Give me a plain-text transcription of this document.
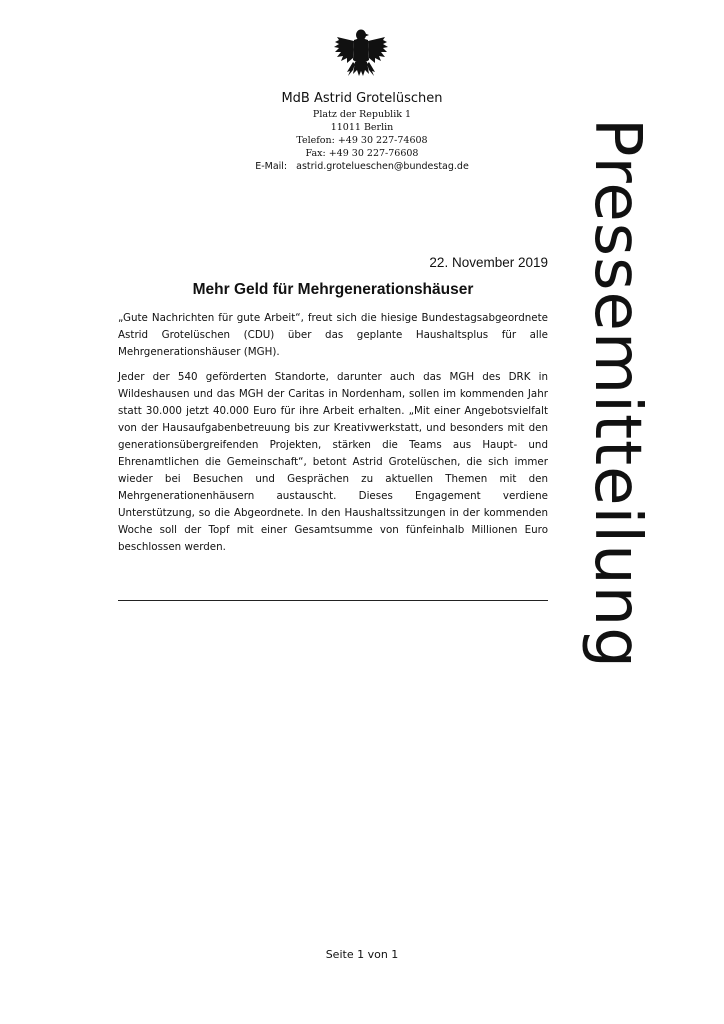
MdB Astrid Grotelüschen
Platz der Republik 1
11011 Berlin
Telefon: +49 30 227-74608
Fax: +49 30 227-76608
E-Mail: astrid.grotelueschen@bundestag.de	Pressemitteilung
22. November 2019
Mehr Geld für Mehrgenerationshäuser

„Gute Nachrichten für gute Arbeit“, freut sich die hiesige Bundestagsabgeordnete Astrid Grotelüschen (CDU) über das geplante Haushaltsplus für alle Mehrgenerationshäuser (MGH).

Jeder der 540 geförderten Standorte, darunter auch das MGH des DRK in Wildeshausen und das MGH der Caritas in Nordenham, sollen im kommenden Jahr statt 30.000 jetzt 40.000 Euro für ihre Arbeit erhalten. „Mit einer Angebotsvielfalt von der Hausaufgabenbetreuung bis zur Kreativwerkstatt, und besonders mit den generationsübergreifenden Projekten, stärken die Teams aus Haupt- und Ehrenamtlichen die Gemeinschaft“, betont Astrid Grotelüschen, die sich immer wieder bei Besuchen und Gesprächen zu aktuellen Themen mit den Mehrgenerationenhäusern austauscht. Dieses Engagement verdiene Unterstützung, so die Abgeordnete. In den Haushaltssitzungen in der kommenden Woche soll der Topf mit einer Gesamtsumme von fünfeinhalb Millionen Euro beschlossen werden.

Seite 1 von 1
